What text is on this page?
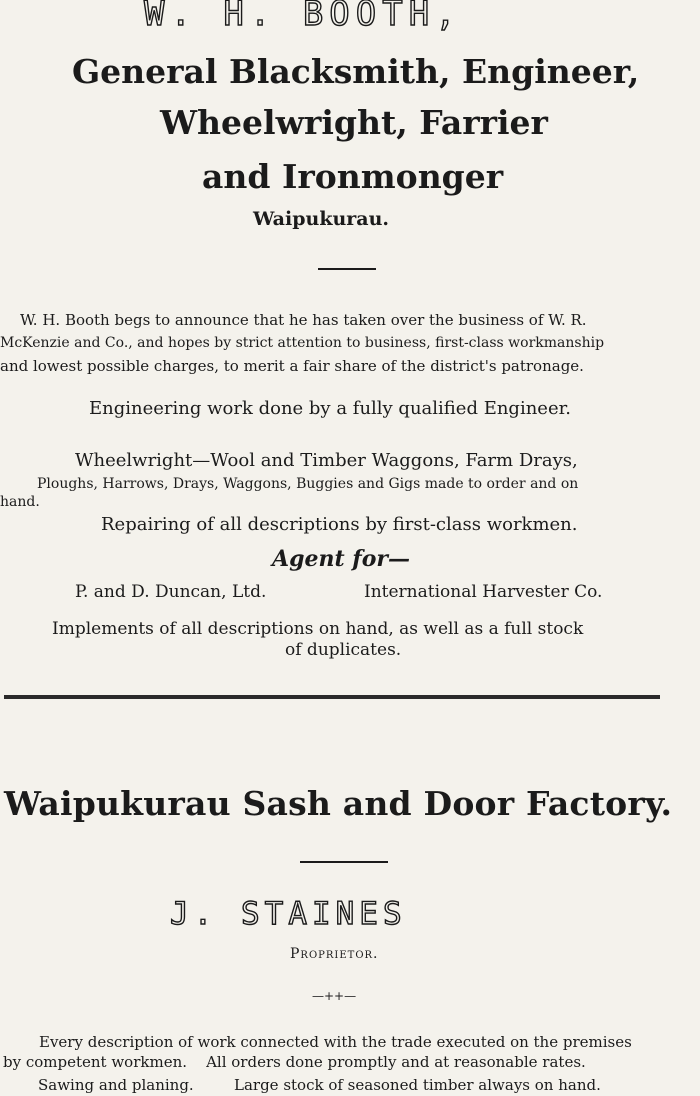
W. H. BOOTH,
General Blacksmith, Engineer,
Wheelwright, Farrier
and Ironmonger
Waipukurau.
W. H. Booth begs to announce that he has taken over the business of W. R.
McKenzie and Co., and hopes by strict attention to business, first-class workmanship
and lowest possible charges, to merit a fair share of the district's patronage.
Engineering work done by a fully qualified Engineer.
Wheelwright—Wool and Timber Waggons, Farm Drays,
Ploughs, Harrows, Drays, Waggons, Buggies and Gigs made to order and on
hand.
Repairing of all descriptions by first-class workmen.
Agent for—
P. and D. Duncan, Ltd.	International Harvester Co.
Implements of all descriptions on hand, as well as a full stock
of duplicates.
Waipukurau Sash and Door Factory.
J. STAINES
Proprietor.
—++—
Every description of work connected with the trade executed on the premises
by competent workmen.    All orders done promptly and at reasonable rates.
Sawing and planing.	Large stock of seasoned timber always on hand.
